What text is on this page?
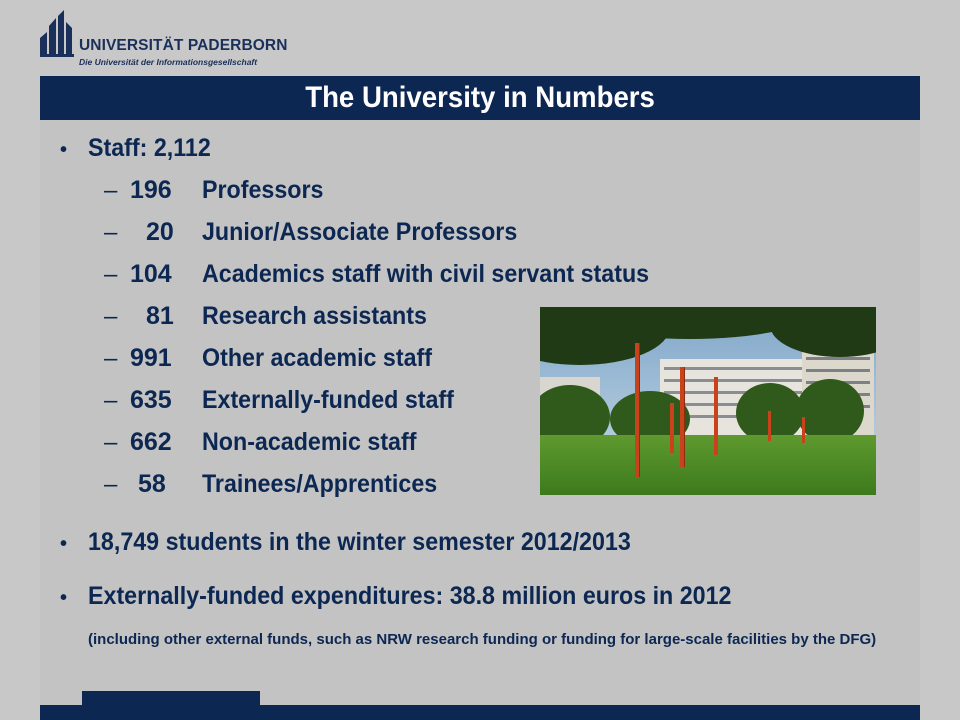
UNIVERSITÄT PADERBORN
Die Universität der Informationsgesellschaft
The University in Numbers
• Staff: 2,112
– 196	Professors
–	20	Junior/Associate Professors
– 104	Academics staff with civil servant status
–	81	Research assistants
– 991	Other academic staff
– 635	Externally-funded staff
– 662	Non-academic staff
– 58	Trainees/Apprentices
• 18,749 students in the winter semester 2012/2013
• Externally-funded expenditures: 38.8 million euros in 2012
(including other external funds, such as NRW research funding or funding for large-scale facilities by the DFG)
